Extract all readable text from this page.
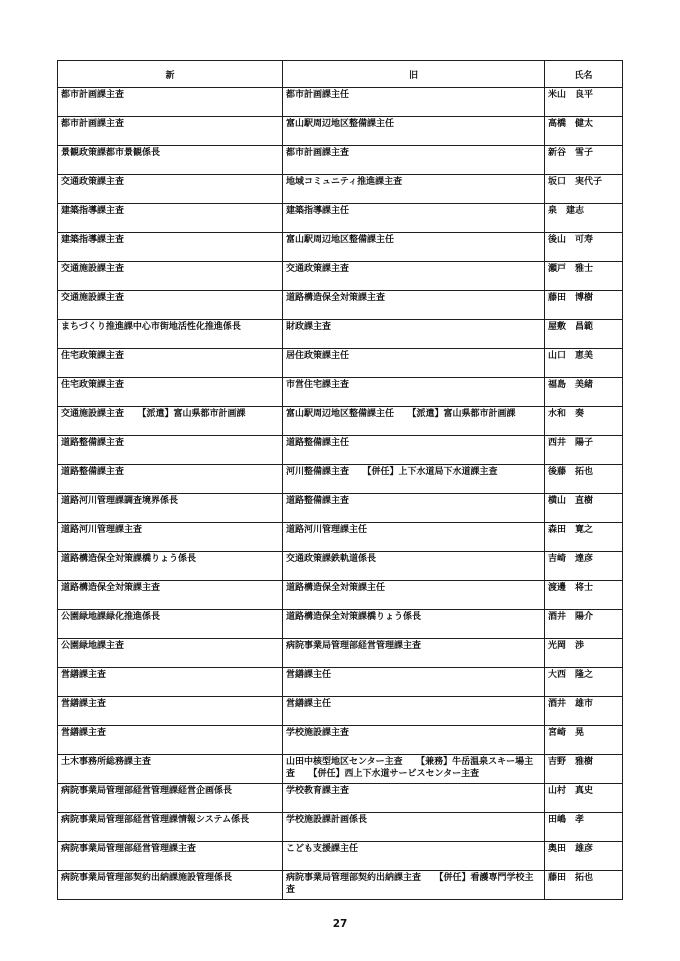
新	旧	氏名
都市計画課主査	都市計画課主任	米山　良平
都市計画課主査	富山駅周辺地区整備課主任	高橋　健太
景観政策課都市景観係長	都市計画課主査	新谷　雪子
交通政策課主査	地域コミュニティ推進課主査	坂口　実代子
建築指導課主査	建築指導課主任	泉　建志
建築指導課主査	富山駅周辺地区整備課主任	後山　可寿
交通施設課主査	交通政策課主査	瀬戸　雅士
交通施設課主査	道路構造保全対策課主査	藤田　博樹
まちづくり推進課中心市街地活性化推進係長	財政課主査	屋敷　昌範
住宅政策課主査	居住政策課主任	山口　恵美
住宅政策課主査	市営住宅課主査	福島　美緒
交通施設課主査　　【派遣】富山県都市計画課	富山駅周辺地区整備課主任　　【派遣】富山県都市計画課	水和　奏
道路整備課主査	道路整備課主任	西井　陽子
道路整備課主査	河川整備課主査　　【併任】上下水道局下水道課主査	後藤　拓也
道路河川管理課調査境界係長	道路整備課主査	横山　直樹
道路河川管理課主査	道路河川管理課主任	森田　寛之
道路構造保全対策課橋りょう係長	交通政策課鉄軌道係長	吉崎　達彦
道路構造保全対策課主査	道路構造保全対策課主任	渡邊　将士
公園緑地課緑化推進係長	道路構造保全対策課橋りょう係長	酒井　陽介
公園緑地課主査	病院事業局管理部経営管理課主査	光岡　渉
営繕課主査	営繕課主任	大西　隆之
営繕課主査	営繕課主任	酒井　雄市
営繕課主査	学校施設課主査	宮崎　晃
土木事務所総務課主査	山田中核型地区センター主査　　【兼務】牛岳温泉スキー場主査　　【併任】西上下水道サービスセンター主査	吉野　雅樹
病院事業局管理部経営管理課経営企画係長	学校教育課主査	山村　真史
病院事業局管理部経営管理課情報システム係長	学校施設課計画係長	田嶋　孝
病院事業局管理部経営管理課主査	こども支援課主任	奥田　雄彦
病院事業局管理部契約出納課施設管理係長	病院事業局管理部契約出納課主査　　【併任】看護専門学校主査	藤田　拓也
27
